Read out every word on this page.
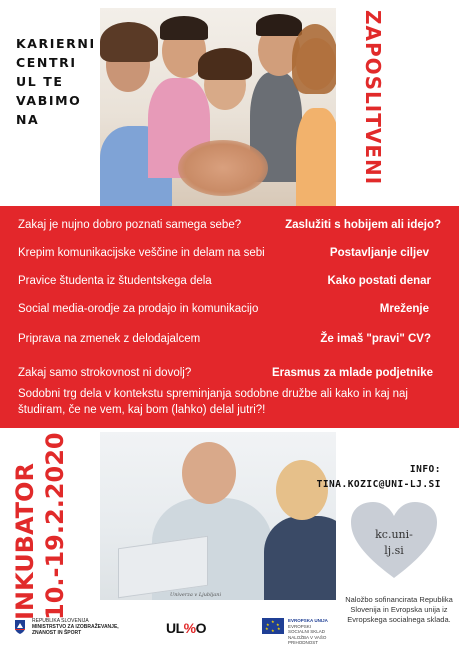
KARIERNI
CENTRI
UL TE
VABIMO
NA	ZAPOSLITVENI
Zakaj je nujno dobro poznati samega sebe?	Zaslužiti s hobijem ali idejo?
Krepim komunikacijske veščine in delam na sebi	Postavljanje ciljev
Pravice študenta iz študentskega dela	Kako postati denar
Social media-orodje za prodajo in komunikacijo	Mreženje
Priprava na zmenek z delodajalcem	Že imaš "pravi" CV?
Zakaj samo strokovnost ni dovolj?	Erasmus za mlade podjetnike
Sodobni trg dela v kontekstu spreminjanja sodobne družbe ali kako in kaj naj študiram, če ne vem, kaj bom (lahko) delal jutri?!
INKUBATOR 10.-19.2.2020	Univerza v Ljubljani
INFO:
TINA.KOZIC@UNI-LJ.SI
kc.uni-
lj.si
Naložbo sofinancirata Republika Slovenija in Evropska unija iz Evropskega socialnega sklada.
REPUBLIKA SLOVENIJA
MINISTRSTVO ZA IZOBRAŽEVANJE,
ZNANOST IN ŠPORT	UL%O	★
★ ★
★ ★
★
EVROPSKA UNIJA
EVROPSKI
SOCIALNI SKLAD
NALOŽBA V VAŠO PRIHODNOST
